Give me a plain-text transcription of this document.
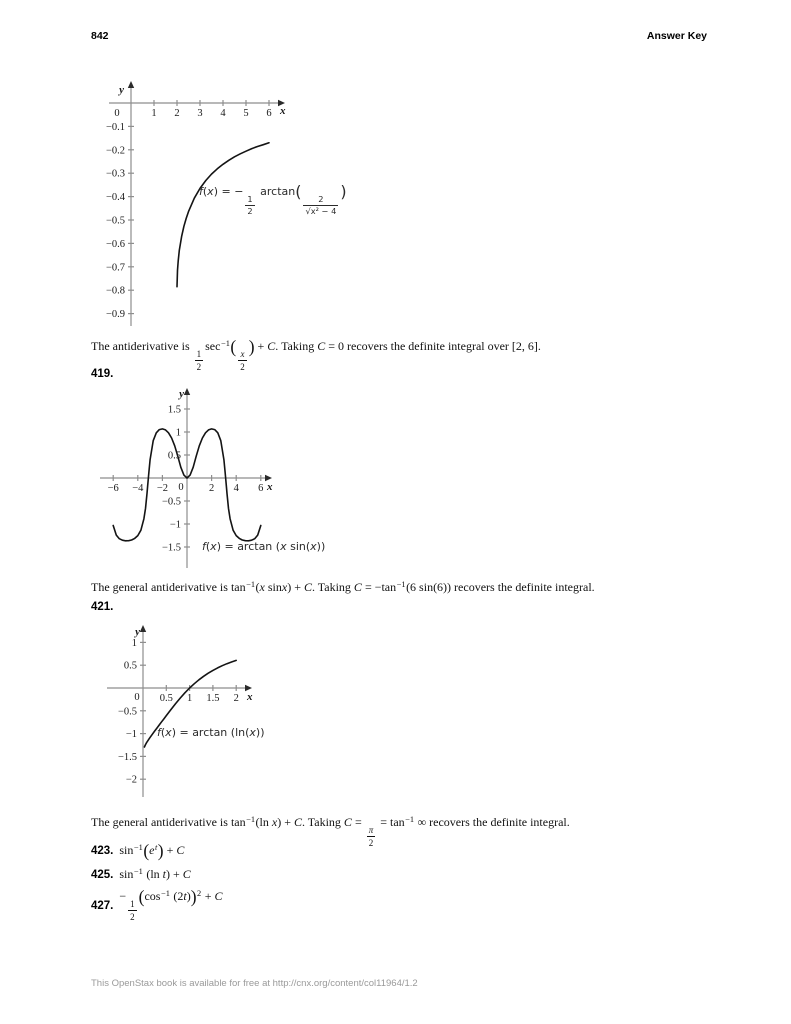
842	Answer Key
1 2 3 4 5 6
−0.1
−0.2
−0.3
−0.4
−0.5
−0.6
−0.7
−0.8
−0.9
0	x
y
f(x) = −
$\frac{1}{2}$
arctan(
$\frac{2}{\text{√x² − 4}}$
)
The antiderivative is
$\frac{1}{2}$
$\sec^{-1}$(
$\frac{x}{2}$
) + C. Taking C = 0 recovers the definite integral over [2, 6].
419.
−6 −4 −2	2 4 6
1.5
1
0.5
−0.5
−1
−1.5
0	x
y
f(x) = arctan (x sin(x))
The general antiderivative is $\tan^{-1}(x$ sinx) + C. Taking $C = -\tan^{-1}(6$ sin(6)) recovers the definite integral.
421.
0.5 1 1.5 2
1
0.5
−0.5
−1
−1.5
−2
0	x
y
f(x) = arctan (ln(x))
The general antiderivative is $\tan^{-1}(\ln$ x) + C. Taking C =
$\frac{\pi}{2}$
= $\tan^{-1}$ ∞ recovers the definite integral.
423. $\sin^{-1}(e^t) + C$
425. $\sin^{-1} (\ln$ t) + C
427.
−
$\frac{1}{2}$
($\cos^{-1}$ (2t))$^2$ + C
This OpenStax book is available for free at http://cnx.org/content/col11964/1.2
